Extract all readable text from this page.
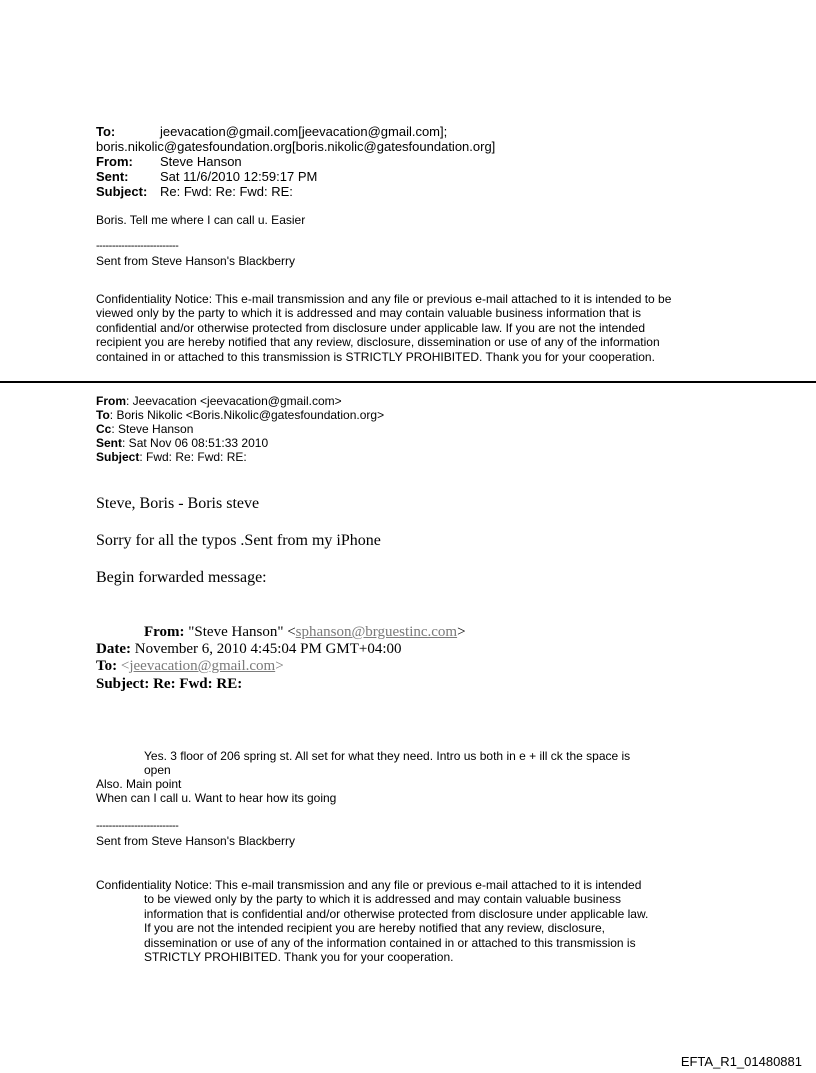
To:	jeevacation@gmail.com[jeevacation@gmail.com];
boris.nikolic@gatesfoundation.org[boris.nikolic@gatesfoundation.org]
From: Steve Hanson
Sent: Sat 11/6/2010 12:59:17 PM
Subject: Re: Fwd: Re: Fwd: RE:
Boris. Tell me where I can call u. Easier
--------------------------
Sent from Steve Hanson's Blackberry
Confidentiality Notice: This e-mail transmission and any file or previous e-mail attached to it is intended to be
viewed only by the party to which it is addressed and may contain valuable business information that is
confidential and/or otherwise protected from disclosure under applicable law. If you are not the intended
recipient you are hereby notified that any review, disclosure, dissemination or use of any of the information
contained in or attached to this transmission is STRICTLY PROHIBITED. Thank you for your cooperation.
From: Jeevacation <jeevacation@gmail.com>
To: Boris Nikolic <Boris.Nikolic@gatesfoundation.org>
Cc: Steve Hanson
Sent: Sat Nov 06 08:51:33 2010
Subject: Fwd: Re: Fwd: RE:
Steve, Boris - Boris steve
Sorry for all the typos .Sent from my iPhone
Begin forwarded message:
From: "Steve Hanson" <sphanson@brguestinc.com>
Date: November 6, 2010 4:45:04 PM GMT+04:00
To: <jeevacation@gmail.com>
Subject: Re: Fwd: RE:
Yes. 3 floor of 206 spring st. All set for what they need. Intro us both in e + ill ck the space is
open
Also. Main point
When can I call u. Want to hear how its going
--------------------------
Sent from Steve Hanson's Blackberry
Confidentiality Notice: This e-mail transmission and any file or previous e-mail attached to it is intended
to be viewed only by the party to which it is addressed and may contain valuable business
information that is confidential and/or otherwise protected from disclosure under applicable law.
If you are not the intended recipient you are hereby notified that any review, disclosure,
dissemination or use of any of the information contained in or attached to this transmission is
STRICTLY PROHIBITED. Thank you for your cooperation.
EFTA_R1_01480881
